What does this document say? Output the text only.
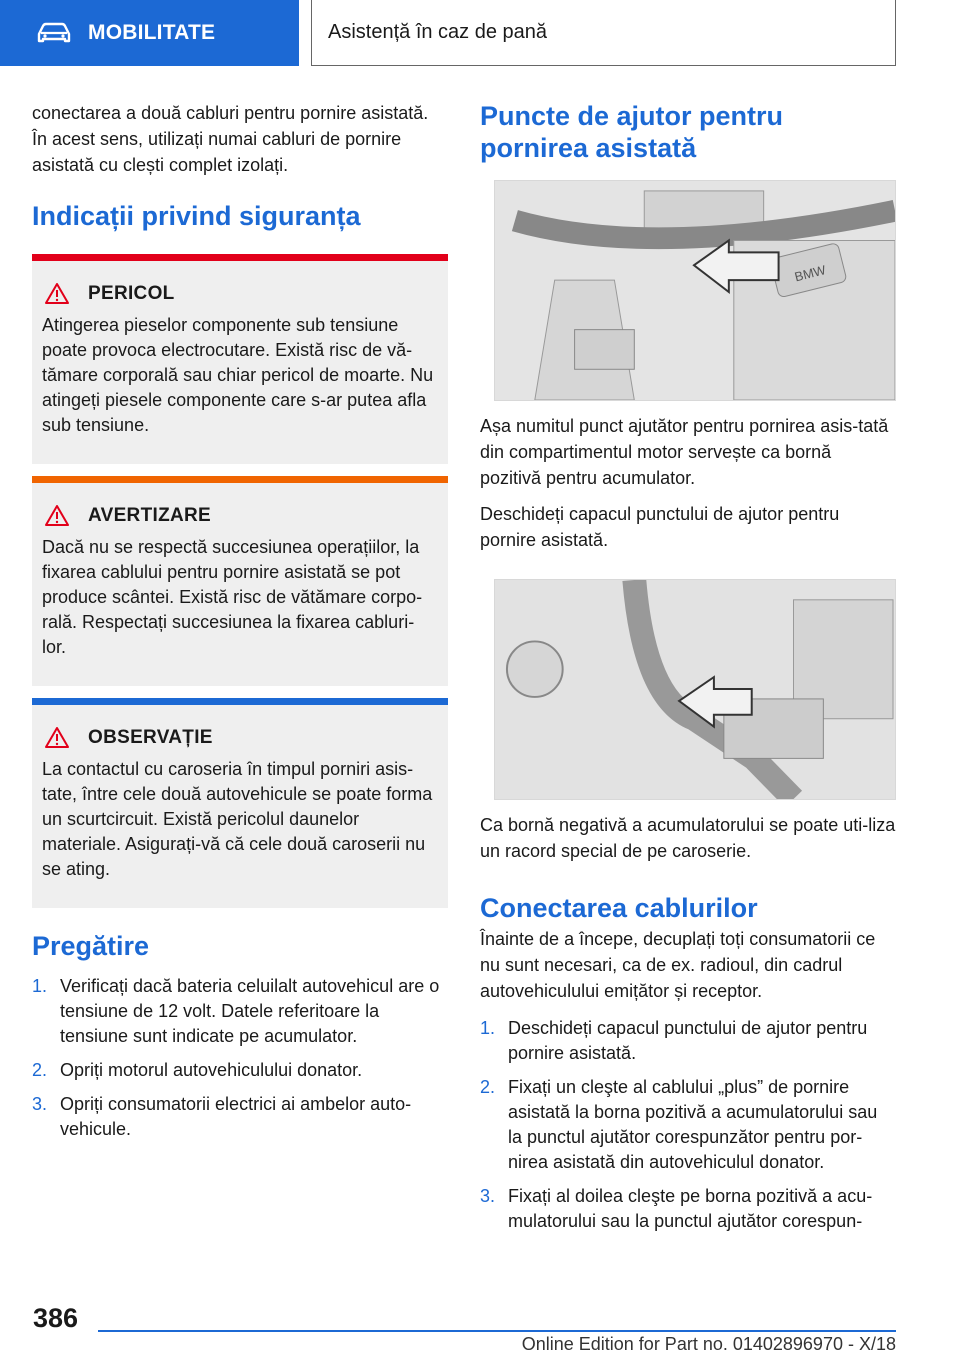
MOBILITATE	Asistență în caz de pană

conectarea a două cabluri pentru pornire asistată. În acest sens, utilizați numai cabluri de pornire asistată cu clești complet izolați.

Indicații privind siguranța
PERICOL

Atingerea pieselor componente sub tensiune poate provoca electrocutare. Există risc de vă-tămare corporală sau chiar pericol de moarte. Nu atingeți piesele componente care s-ar putea afla sub tensiune.

AVERTIZARE

Dacă nu se respectă succesiunea operațiilor, la fixarea cablului pentru pornire asistată se pot produce scântei. Există risc de vătămare corpo-rală. Respectați succesiunea la fixarea cabluri-lor.

OBSERVAȚIE

La contactul cu caroseria în timpul porniri asis-tate, între cele două autovehicule se poate forma un scurtcircuit. Există pericolul daunelor materiale. Asigurați-vă că cele două caroserii nu se ating.

Pregătire
1. Verificați dacă bateria celuilalt autovehicul are o tensiune de 12 volt. Datele referitoare la tensiune sunt indicate pe acumulator.
2. Opriți motorul autovehiculului donator.
3. Opriți consumatorii electrici ai ambelor auto-vehicule.
Puncte de ajutor pentru pornirea asistată
BMW

Așa numitul punct ajutător pentru pornirea asis-tată din compartimentul motor servește ca bornă pozitivă pentru acumulator.

Deschideți capacul punctului de ajutor pentru pornire asistată.

Ca bornă negativă a acumulatorului se poate uti-liza un racord special de pe caroserie.

Conectarea cablurilor

Înainte de a începe, decuplați toți consumatorii ce nu sunt necesari, ca de ex. radioul, din cadrul autovehiculului emițător și receptor.

1. Deschideți capacul punctului de ajutor pentru pornire asistată.
2. Fixați un cleşte al cablului „plus” de pornire asistată la borna pozitivă a acumulatorului sau la punctul ajutător corespunzător pentru por-nirea asistată din autovehiculul donator.
3. Fixați al doilea cleşte pe borna pozitivă a acu-mulatorului sau la punctul ajutător corespun-
386
Online Edition for Part no. 01402896970 - X/18
